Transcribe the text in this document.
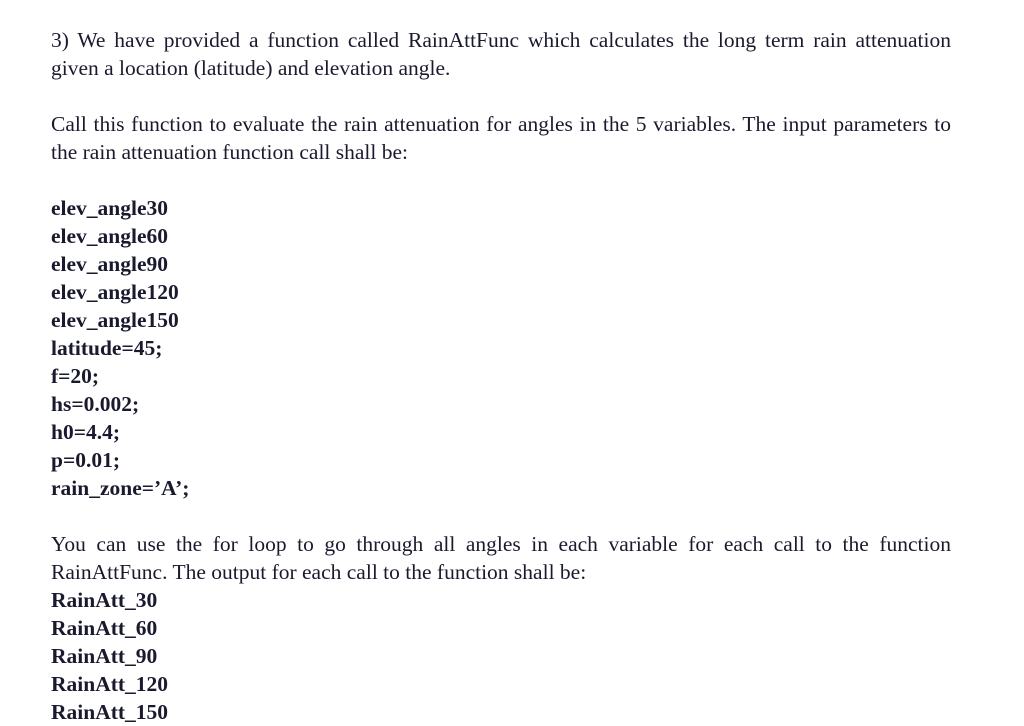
3) We have provided a function called RainAttFunc which calculates the long term rain attenuation given a location (latitude) and elevation angle.

Call this function to evaluate the rain attenuation for angles in the 5 variables. The input parameters to the rain attenuation function call shall be:

elev_angle30
elev_angle60
elev_angle90
elev_angle120
elev_angle150
latitude=45;
f=20;
hs=0.002;
h0=4.4;
p=0.01;
rain_zone=’A’;

You can use the for loop to go through all angles in each variable for each call to the function RainAttFunc. The output for each call to the function shall be:

RainAtt_30
RainAtt_60
RainAtt_90
RainAtt_120
RainAtt_150
